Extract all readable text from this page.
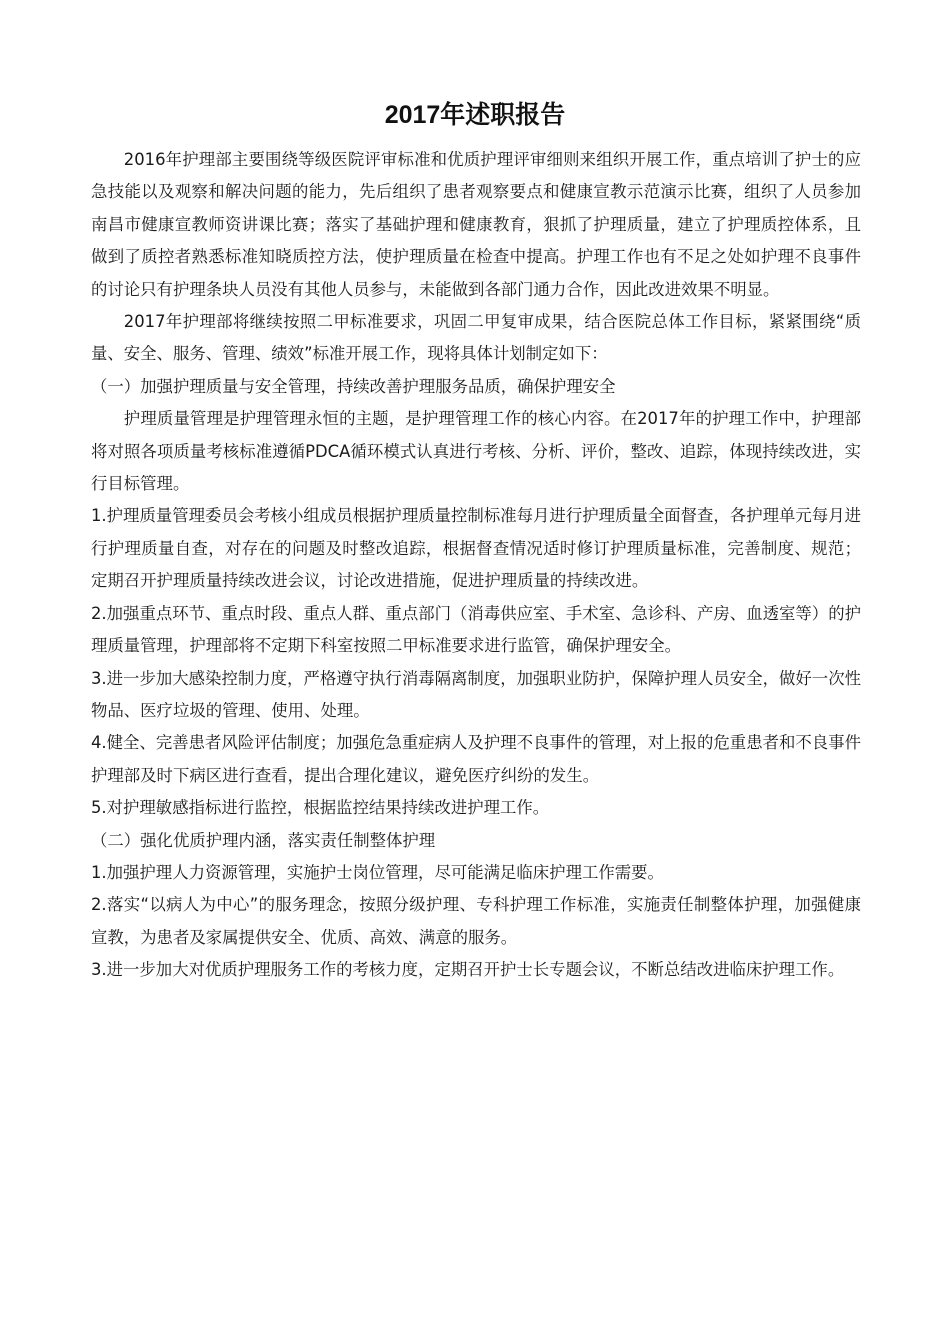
2017年述职报告

2016年护理部主要围绕等级医院评审标准和优质护理评审细则来组织开展工作，重点培训了护士的应急技能以及观察和解决问题的能力，先后组织了患者观察要点和健康宣教示范演示比赛，组织了人员参加南昌市健康宣教师资讲课比赛；落实了基础护理和健康教育，狠抓了护理质量，建立了护理质控体系，且做到了质控者熟悉标准知晓质控方法，使护理质量在检查中提高。护理工作也有不足之处如护理不良事件的讨论只有护理条块人员没有其他人员参与，未能做到各部门通力合作，因此改进效果不明显。

2017年护理部将继续按照二甲标准要求，巩固二甲复审成果，结合医院总体工作目标，紧紧围绕“质量、安全、服务、管理、绩效”标准开展工作，现将具体计划制定如下：

（一）加强护理质量与安全管理，持续改善护理服务品质，确保护理安全

护理质量管理是护理管理永恒的主题，是护理管理工作的核心内容。在2017年的护理工作中，护理部将对照各项质量考核标准遵循PDCA循环模式认真进行考核、分析、评价，整改、追踪，体现持续改进，实行目标管理。

1.护理质量管理委员会考核小组成员根据护理质量控制标准每月进行护理质量全面督查，各护理单元每月进行护理质量自查，对存在的问题及时整改追踪，根据督查情况适时修订护理质量标准，完善制度、规范；定期召开护理质量持续改进会议，讨论改进措施，促进护理质量的持续改进。

2.加强重点环节、重点时段、重点人群、重点部门（消毒供应室、手术室、急诊科、产房、血透室等）的护理质量管理，护理部将不定期下科室按照二甲标准要求进行监管，确保护理安全。

3.进一步加大感染控制力度，严格遵守执行消毒隔离制度，加强职业防护，保障护理人员安全，做好一次性物品、医疗垃圾的管理、使用、处理。

4.健全、完善患者风险评估制度；加强危急重症病人及护理不良事件的管理，对上报的危重患者和不良事件护理部及时下病区进行查看，提出合理化建议，避免医疗纠纷的发生。

5.对护理敏感指标进行监控，根据监控结果持续改进护理工作。

（二）强化优质护理内涵，落实责任制整体护理

1.加强护理人力资源管理，实施护士岗位管理，尽可能满足临床护理工作需要。

2.落实“以病人为中心”的服务理念，按照分级护理、专科护理工作标准，实施责任制整体护理，加强健康宣教，为患者及家属提供安全、优质、高效、满意的服务。

3.进一步加大对优质护理服务工作的考核力度，定期召开护士长专题会议，不断总结改进临床护理工作。
